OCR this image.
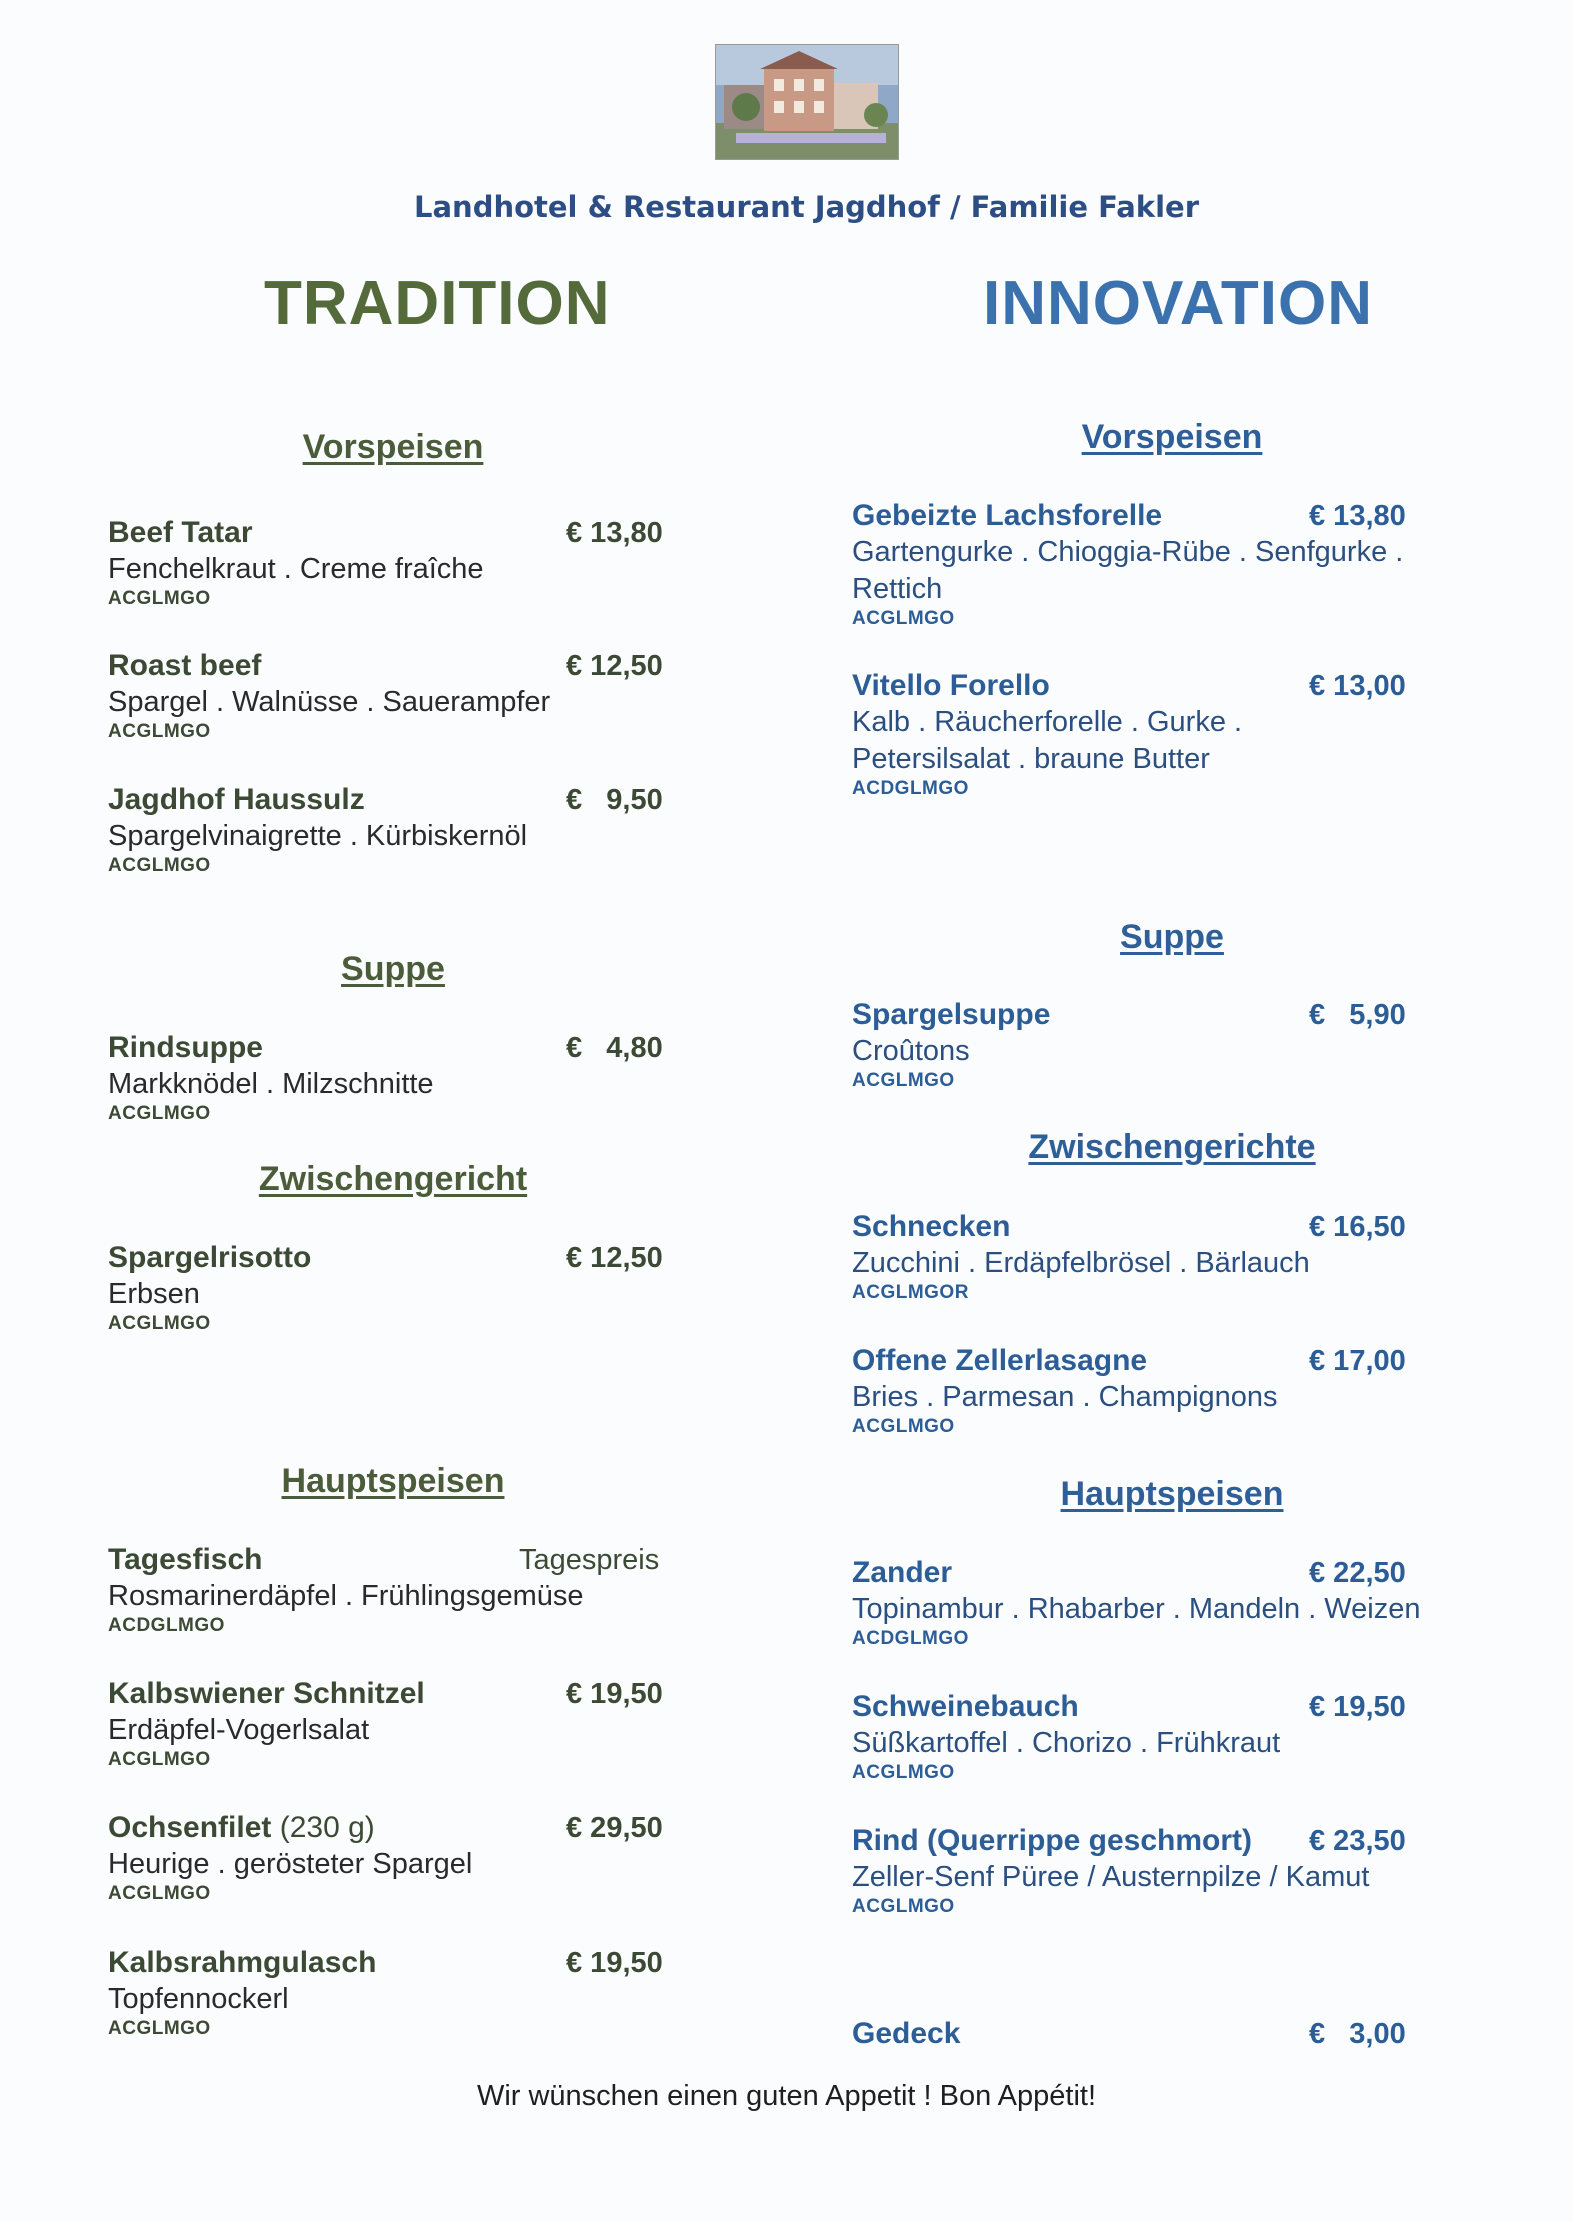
Landhotel & Restaurant Jagdhof / Familie Fakler
TRADITION
Vorspeisen
Beef Tatar	€ 13,80
Fenchelkraut . Creme fraîche
ACGLMGO
Roast beef	€ 12,50
Spargel . Walnüsse . Sauerampfer
ACGLMGO
Jagdhof Haussulz	€   9,50
Spargelvinaigrette . Kürbiskernöl
ACGLMGO
Suppe
Rindsuppe	€   4,80
Markknödel . Milzschnitte
ACGLMGO
Zwischengericht
Spargelrisotto	€ 12,50
Erbsen
ACGLMGO
Hauptspeisen
Tagesfisch	Tagespreis
Rosmarinerdäpfel . Frühlingsgemüse
ACDGLMGO
Kalbswiener Schnitzel	€ 19,50
Erdäpfel-Vogerlsalat
ACGLMGO
Ochsenfilet (230 g)	€ 29,50
Heurige . gerösteter Spargel
ACGLMGO
Kalbsrahmgulasch	€ 19,50
Topfennockerl
ACGLMGO
INNOVATION
Vorspeisen
Gebeizte Lachsforelle	€ 13,80
Gartengurke . Chioggia-Rübe . Senfgurke . Rettich
ACGLMGO
Vitello Forello	€ 13,00
Kalb . Räucherforelle . Gurke . Petersilsalat . braune Butter
ACDGLMGO
Suppe
Spargelsuppe	€   5,90
Croûtons
ACGLMGO
Zwischengerichte
Schnecken	€ 16,50
Zucchini . Erdäpfelbrösel . Bärlauch
ACGLMGOR
Offene Zellerlasagne	€ 17,00
Bries . Parmesan . Champignons
ACGLMGO
Hauptspeisen
Zander	€ 22,50
Topinambur . Rhabarber . Mandeln . Weizen
ACDGLMGO
Schweinebauch	€ 19,50
Süßkartoffel . Chorizo . Frühkraut
ACGLMGO
Rind (Querrippe geschmort)	€ 23,50
Zeller-Senf Püree / Austernpilze / Kamut
ACGLMGO
Gedeck	€   3,00
Wir wünschen einen guten Appetit ! Bon Appétit!
